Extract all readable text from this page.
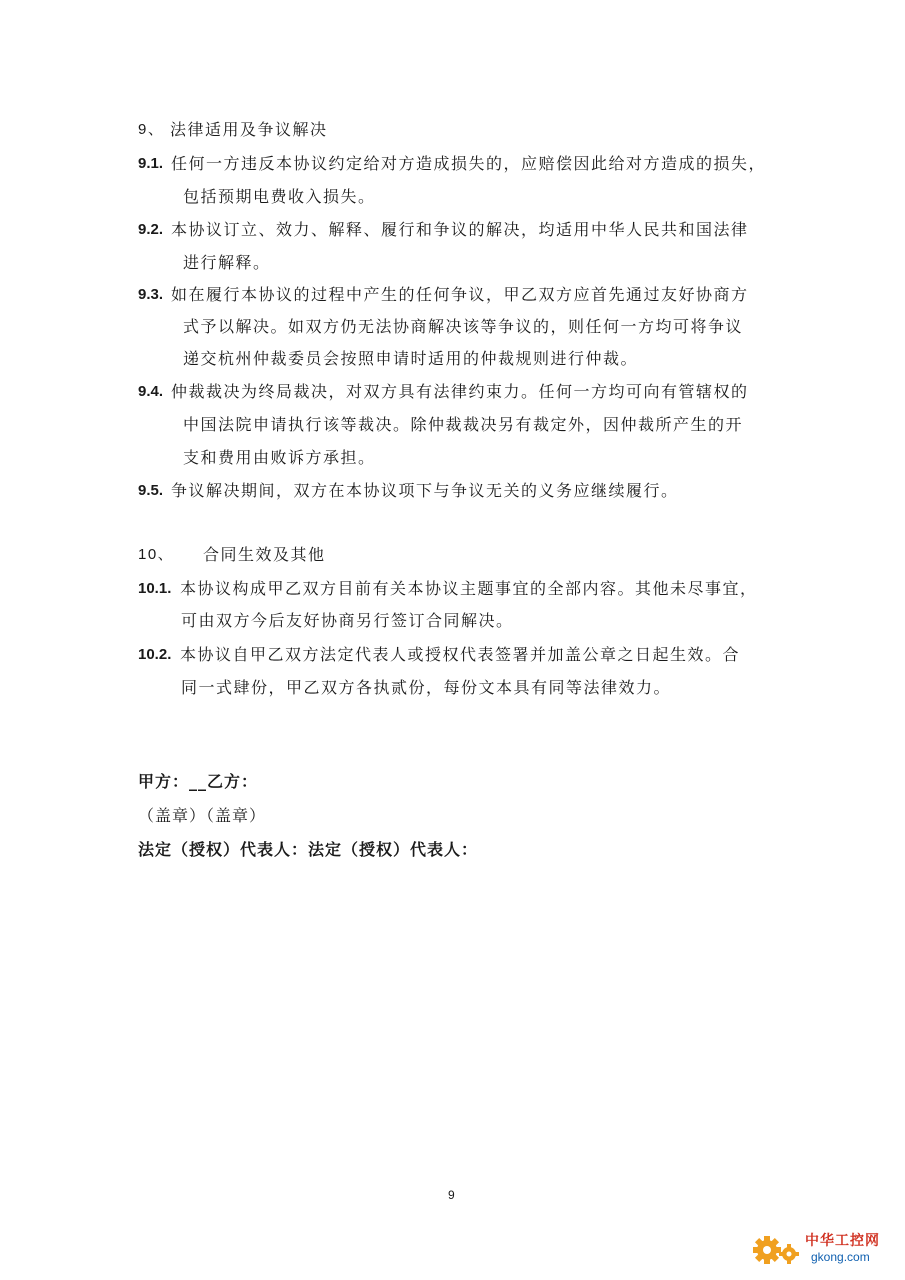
9、 法律适用及争议解决
9.1. 任何一方违反本协议约定给对方造成损失的，应赔偿因此给对方造成的损失，
包括预期电费收入损失。
9.2. 本协议订立、效力、解释、履行和争议的解决，均适用中华人民共和国法律
进行解释。
9.3. 如在履行本协议的过程中产生的任何争议，甲乙双方应首先通过友好协商方
式予以解决。如双方仍无法协商解决该等争议的，则任何一方均可将争议
递交杭州仲裁委员会按照申请时适用的仲裁规则进行仲裁。
9.4. 仲裁裁决为终局裁决，对双方具有法律约束力。任何一方均可向有管辖权的
中国法院申请执行该等裁决。除仲裁裁决另有裁定外，因仲裁所产生的开
支和费用由败诉方承担。
9.5. 争议解决期间，双方在本协议项下与争议无关的义务应继续履行。
10、 合同生效及其他
10.1. 本协议构成甲乙双方目前有关本协议主题事宜的全部内容。其他未尽事宜，
可由双方今后友好协商另行签订合同解决。
10.2. 本协议自甲乙双方法定代表人或授权代表签署并加盖公章之日起生效。合
同一式肆份，甲乙双方各执贰份，每份文本具有同等法律效力。
甲方：__乙方：
（盖章）（盖章）
法定（授权）代表人：法定（授权）代表人：
9
中华工控网
gkong.com
